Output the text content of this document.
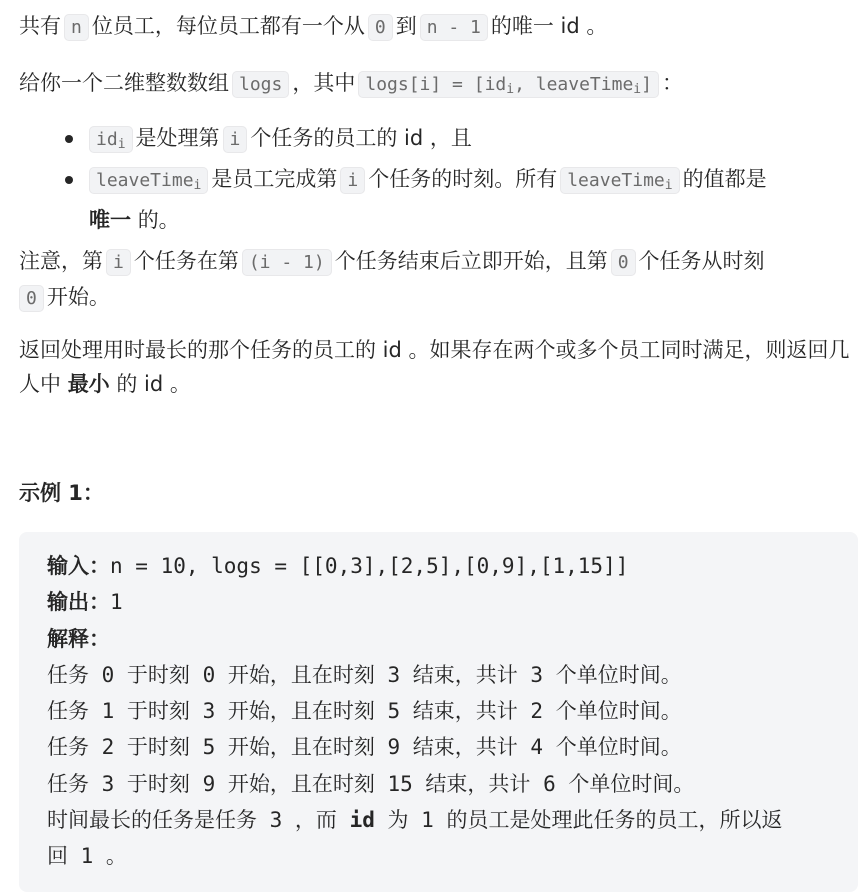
共有 n 位员工，每位员工都有一个从 0 到 n - 1 的唯一 id 。

给你一个二维整数数组 logs ，其中 $\log s[i] = [id_i$, leaveTime$_i$] ：

$id_i$ 是处理第 i 个任务的员工的 id ，且
leaveTime$_i$ 是员工完成第 i 个任务的时刻。所有 leaveTime$_i$ 的值都是
唯一 的。

注意，第 i 个任务在第 (i - 1) 个任务结束后立即开始，且第 0 个任务从时刻
0 开始。

返回处理用时最长的那个任务的员工的 id 。如果存在两个或多个员工同时满足，则返回几人中 最小 的 id 。

示例 1：
输入：n = 10, logs = [[0,3],[2,5],[0,9],[1,15]]
输出：1
解释：
任务 0 于时刻 0 开始，且在时刻 3 结束，共计 3 个单位时间。
任务 1 于时刻 3 开始，且在时刻 5 结束，共计 2 个单位时间。
任务 2 于时刻 5 开始，且在时刻 9 结束，共计 4 个单位时间。
任务 3 于时刻 9 开始，且在时刻 15 结束，共计 6 个单位时间。
时间最长的任务是任务 3 ，而 id 为 1 的员工是处理此任务的员工，所以返
回 1 。
